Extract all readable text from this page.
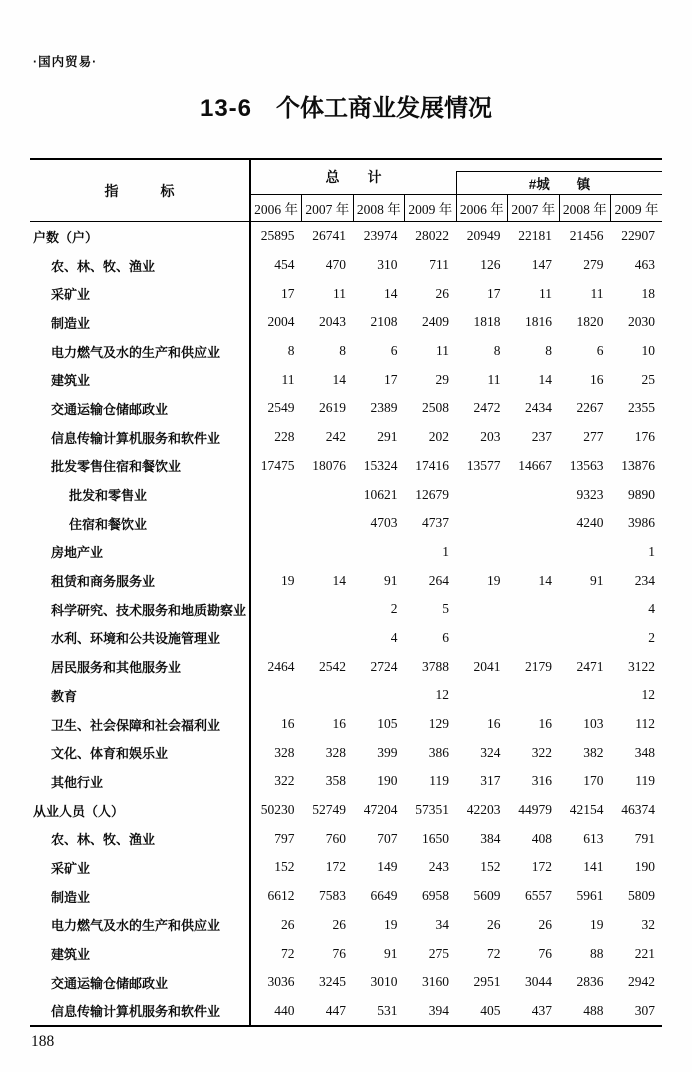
·国内贸易·
13-6 个体工商业发展情况
指　　　标	总　　计				#城　　镇			

	2006 年	2007 年	2008 年	2009 年	2006 年	2007 年	2008 年	2009 年
户数（户）	25895	26741	23974	28022	20949	22181	21456	22907
农、林、牧、渔业	454	470	310	711	126	147	279	463
采矿业	17	11	14	26	17	11	11	18
制造业	2004	2043	2108	2409	1818	1816	1820	2030
电力燃气及水的生产和供应业	8	8	6	11	8	8	6	10
建筑业	11	14	17	29	11	14	16	25
交通运输仓储邮政业	2549	2619	2389	2508	2472	2434	2267	2355
信息传输计算机服务和软件业	228	242	291	202	203	237	277	176
批发零售住宿和餐饮业	17475	18076	15324	17416	13577	14667	13563	13876
批发和零售业			10621	12679			9323	9890
住宿和餐饮业			4703	4737			4240	3986
房地产业				1				1
租赁和商务服务业	19	14	91	264	19	14	91	234
科学研究、技术服务和地质勘察业			2	5				4
水利、环境和公共设施管理业			4	6				2
居民服务和其他服务业	2464	2542	2724	3788	2041	2179	2471	3122
教育				12				12
卫生、社会保障和社会福利业	16	16	105	129	16	16	103	112
文化、体育和娱乐业	328	328	399	386	324	322	382	348
其他行业	322	358	190	119	317	316	170	119
从业人员（人）	50230	52749	47204	57351	42203	44979	42154	46374
农、林、牧、渔业	797	760	707	1650	384	408	613	791
采矿业	152	172	149	243	152	172	141	190
制造业	6612	7583	6649	6958	5609	6557	5961	5809
电力燃气及水的生产和供应业	26	26	19	34	26	26	19	32
建筑业	72	76	91	275	72	76	88	221
交通运输仓储邮政业	3036	3245	3010	3160	2951	3044	2836	2942
信息传输计算机服务和软件业	440	447	531	394	405	437	488	307
188
